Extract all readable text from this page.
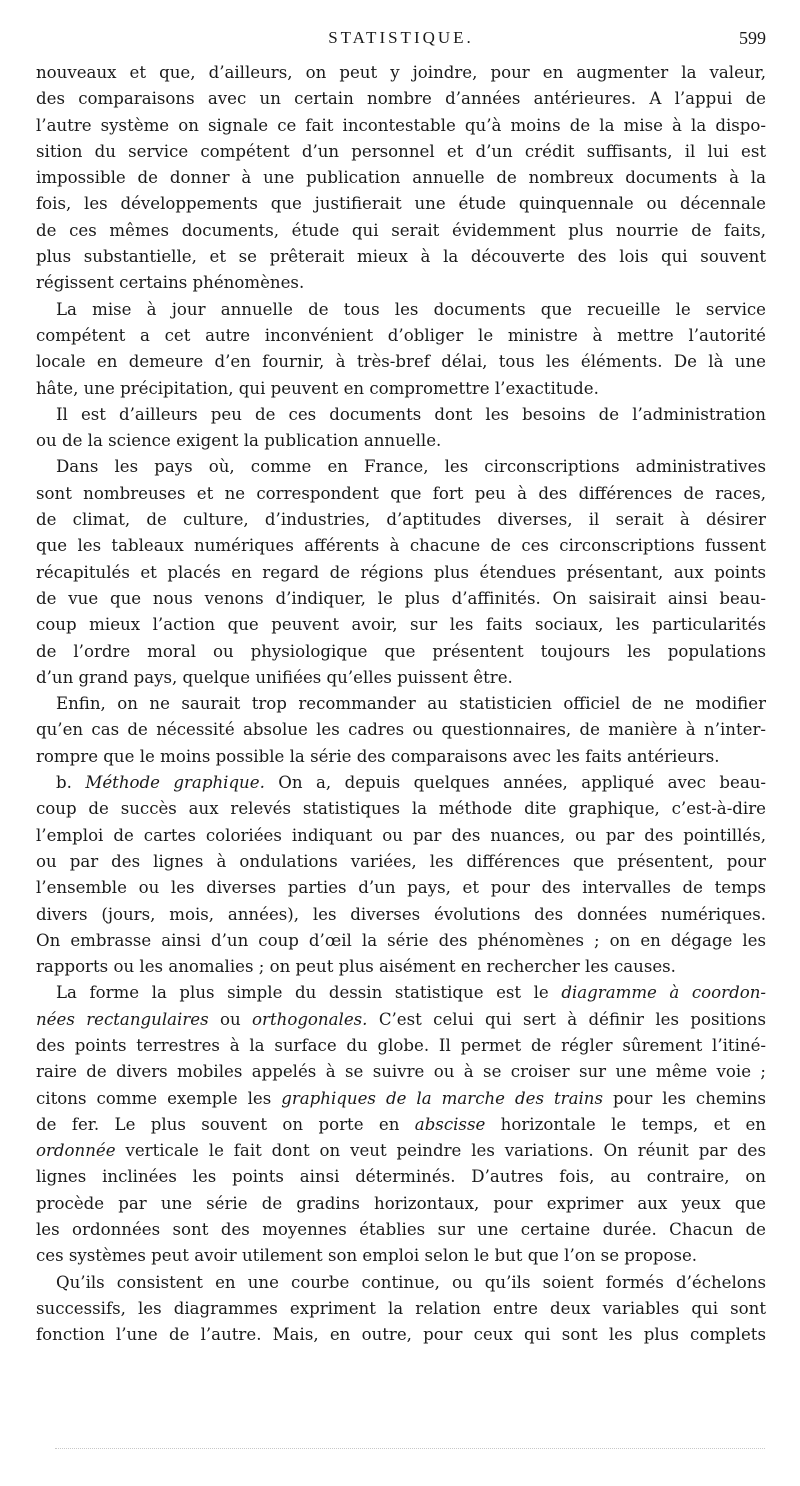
STATISTIQUE.	599
nouveaux et que, d’ailleurs, on peut y joindre, pour en augmenter la valeur,
des comparaisons avec un certain nombre d’années antérieures. A l’appui de
l’autre système on signale ce fait incontestable qu’à moins de la mise à la dispo-
sition du service compétent d’un personnel et d’un crédit suffisants, il lui est
impossible de donner à une publication annuelle de nombreux documents à la
fois, les développements que justifierait une étude quinquennale ou décennale
de ces mêmes documents, étude qui serait évidemment plus nourrie de faits,
plus substantielle, et se prêterait mieux à la découverte des lois qui souvent
régissent certains phénomènes.
La mise à jour annuelle de tous les documents que recueille le service
compétent a cet autre inconvénient d’obliger le ministre à mettre l’autorité
locale en demeure d’en fournir, à très-bref délai, tous les éléments. De là une
hâte, une précipitation, qui peuvent en compromettre l’exactitude.
Il est d’ailleurs peu de ces documents dont les besoins de l’administration
ou de la science exigent la publication annuelle.
Dans les pays où, comme en France, les circonscriptions administratives
sont nombreuses et ne correspondent que fort peu à des différences de races,
de climat, de culture, d’industries, d’aptitudes diverses, il serait à désirer
que les tableaux numériques afférents à chacune de ces circonscriptions fussent
récapitulés et placés en regard de régions plus étendues présentant, aux points
de vue que nous venons d’indiquer, le plus d’affinités. On saisirait ainsi beau-
coup mieux l’action que peuvent avoir, sur les faits sociaux, les particularités
de l’ordre moral ou physiologique que présentent toujours les populations
d’un grand pays, quelque unifiées qu’elles puissent être.
Enfin, on ne saurait trop recommander au statisticien officiel de ne modifier
qu’en cas de nécessité absolue les cadres ou questionnaires, de manière à n’inter-
rompre que le moins possible la série des comparaisons avec les faits antérieurs.
b. Méthode graphique. On a, depuis quelques années, appliqué avec beau-
coup de succès aux relevés statistiques la méthode dite graphique, c’est-à-dire
l’emploi de cartes coloriées indiquant ou par des nuances, ou par des pointillés,
ou par des lignes à ondulations variées, les différences que présentent, pour
l’ensemble ou les diverses parties d’un pays, et pour des intervalles de temps
divers (jours, mois, années), les diverses évolutions des données numériques.
On embrasse ainsi d’un coup d’œil la série des phénomènes ; on en dégage les
rapports ou les anomalies ; on peut plus aisément en rechercher les causes.
La forme la plus simple du dessin statistique est le diagramme à coordon-
nées rectangulaires ou orthogonales. C’est celui qui sert à définir les positions
des points terrestres à la surface du globe. Il permet de régler sûrement l’itiné-
raire de divers mobiles appelés à se suivre ou à se croiser sur une même voie ;
citons comme exemple les graphiques de la marche des trains pour les chemins
de fer. Le plus souvent on porte en abscisse horizontale le temps, et en
ordonnée verticale le fait dont on veut peindre les variations. On réunit par des
lignes inclinées les points ainsi déterminés. D’autres fois, au contraire, on
procède par une série de gradins horizontaux, pour exprimer aux yeux que
les ordonnées sont des moyennes établies sur une certaine durée. Chacun de
ces systèmes peut avoir utilement son emploi selon le but que l’on se propose.
Qu’ils consistent en une courbe continue, ou qu’ils soient formés d’échelons
successifs, les diagrammes expriment la relation entre deux variables qui sont
fonction l’une de l’autre. Mais, en outre, pour ceux qui sont les plus complets
